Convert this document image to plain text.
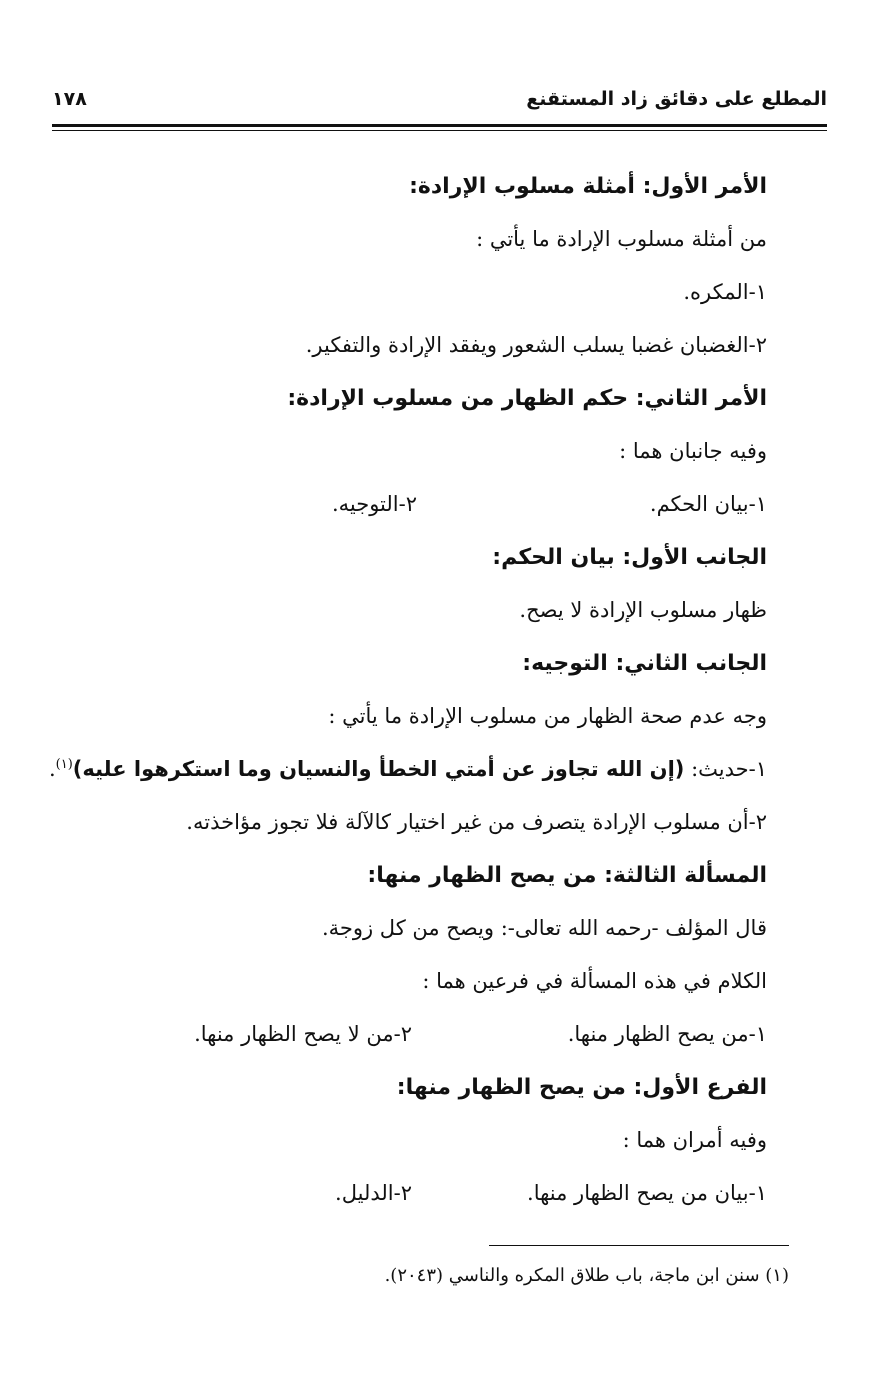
المطلع على دقائق زاد المستقنع
١٧٨
الأمر الأول: أمثلة مسلوب الإرادة:
من أمثلة مسلوب الإرادة ما يأتي :
١-المكره.
٢-الغضبان غضبا يسلب الشعور ويفقد الإرادة والتفكير.
الأمر الثاني: حكم الظهار من مسلوب الإرادة:
وفيه جانبان هما :
١-بيان الحكم.
٢-التوجيه.
الجانب الأول: بيان الحكم:
ظهار مسلوب الإرادة لا يصح.
الجانب الثاني: التوجيه:
وجه عدم صحة الظهار من مسلوب الإرادة ما يأتي :
١-حديث: (إن الله تجاوز عن أمتي الخطأ والنسيان وما استكرهوا عليه)$^{(١)}$.
٢-أن مسلوب الإرادة يتصرف من غير اختيار كالآلة فلا تجوز مؤاخذته.
المسألة الثالثة: من يصح الظهار منها:
قال المؤلف -رحمه الله تعالى-: ويصح من كل زوجة.
الكلام في هذه المسألة في فرعين هما :
١-من يصح الظهار منها.
٢-من لا يصح الظهار منها.
الفرع الأول: من يصح الظهار منها:
وفيه أمران هما :
١-بيان من يصح الظهار منها.
٢-الدليل.
(١) سنن ابن ماجة، باب طلاق المكره والناسي (٢٠٤٣).
